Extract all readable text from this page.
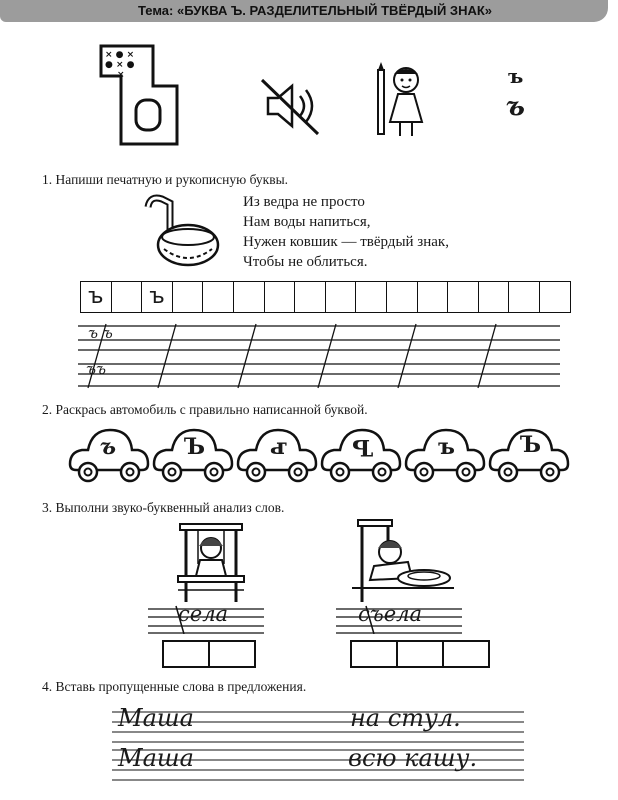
Тема: «БУКВА Ъ. РАЗДЕЛИТЕЛЬНЫЙ ТВЁРДЫЙ ЗНАК»
× ● ×
● × ●
×	ъ
ъ
1. Напиши печатную и рукописную буквы.
Из ведра не просто
Нам воды напиться,
Нужен ковшик — твёрдый знак,
Чтобы не облиться.
ъ	ъ
ъ ъ
ъъ
2. Раскрась автомобиль с правильно написанной буквой.
ъ	Ъ	ъ	Ъ	ъ	Ъ
3. Выполни звуко-буквенный анализ слов.
села	съела
4. Вставь пропущенные слова в предложения.
Маша	на стул.
Маша	всю кашу.
